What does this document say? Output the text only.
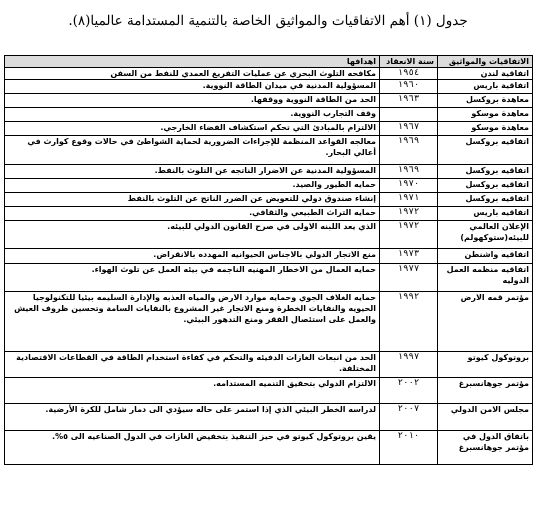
جدول (١) أهم الاتفاقيات والمواثيق الخاصة بالتنمية المستدامة عالميا(٨).
الاتفاقيات والمواثيق	سنة الانعقاد	اهدافها
اتفاقية لندن	١٩٥٤	مكافحه التلوث البحري عن عمليات التفريغ العمدي للنفط من السفن
اتفاقية باريس	١٩٦٠	المسؤولية المدنية في ميدان الطاقة النووية.
معاهدة بروكسل	١٩٦٣	الحد من الطاقة النووية ووقفها.
معاهدة موسكو		وقف التجارب النووية.
معاهدة موسكو	١٩٦٧	الالتزام بالمبادئ التي تحكم استكشاف الفضاء الخارجي.
اتفاقيه بروكسل	١٩٦٩	معالجه القواعد المنظمة للإجراءات الضرورية لحماية الشواطئ في حالات وقوع كوارث في أعالي البحار.
اتفاقيه بروكسل	١٩٦٩	المسؤولية المدنية عن الاضرار الناتجه عن التلوث بالنفط.
اتفاقيه بروكسل	١٩٧٠	حمايه الطيور والصيد.
اتفاقيه بروكسل	١٩٧١	إنشاء صندوق دولي للتعويض عن الضرر الناتج عن التلوث بالنفط
اتفاقيه باريس	١٩٧٢	حمايه التراث الطبيعي والثقافي.
الإعلان العالمي للبيئه(ستوكهولم)	١٩٧٢	الذي يعد اللبنه الاولى في صرح القانون الدولي للبيئه.
اتفاقيه واشنطن	١٩٧٣	منع الاتجار الدولي بالاجناس الحيوانيه المهدده بالانقراض.
اتفاقيه منظمه العمل الدوليه	١٩٧٧	حمايه العمال من الاخطار المهنيه الناجمه في بيئه العمل عن تلوث الهواء.
مؤتمر قمه الارض	١٩٩٢	حمايه الغلاف الجوي وحمايه موارد الارض والمياه العذبه والإدارة السليمه بيئيا للتكنولوجيا الحيويه والنفايات الخطرة ومنع الاتجار غير المشروع بالنفايات السامة وتحسين ظروف العيش والعمل على استئصال الفقر ومنع التدهور البيئي.
بروتوكول كيوتو	١٩٩٧	الحد من انبعاث الغازات الدفيئه والتحكم في كفاءة استخدام الطاقة في القطاعات الاقتصادية المختلفة.
مؤتمر جوهانسبرغ	٢٠٠٢	الالتزام الدولي بتحقيق التنميه المستدامه.
مجلس الامن الدولي	٢٠٠٧	لدراسه الخطر البيئي الذي إذا استمر على حاله سيؤدي الى دمار شامل للكرة الأرضية.
باتفاق الدول في مؤتمر جوهانسبرغ	٢٠١٠	يقين بروتوكول كيوتو في حيز التنفيذ بتخفيض الغازات في الدول الصناعيه الى ٥%.
